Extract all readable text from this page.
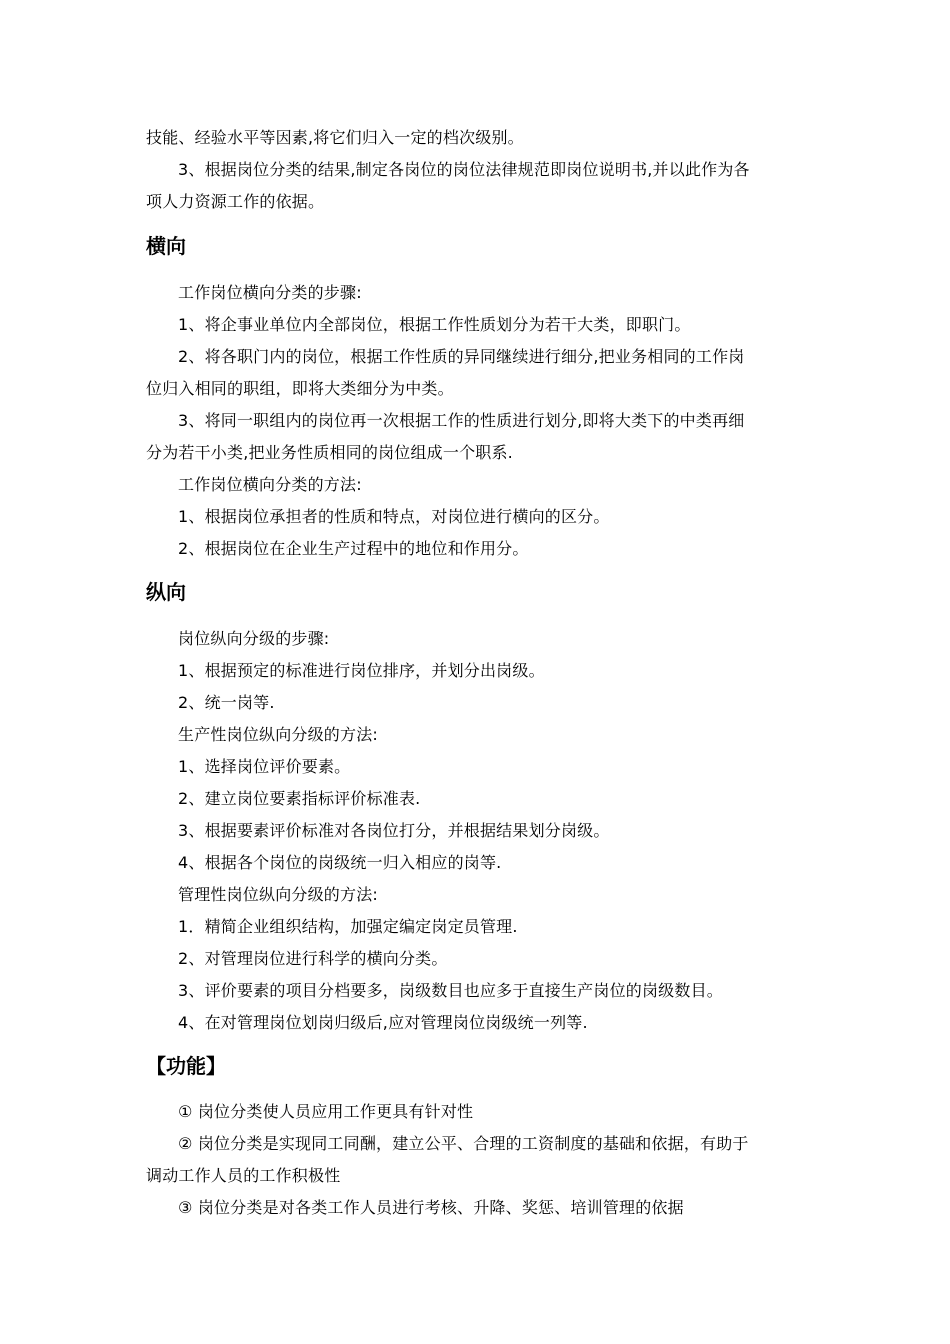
技能、经验水平等因素,将它们归入一定的档次级别。
3、根据岗位分类的结果,制定各岗位的岗位法律规范即岗位说明书,并以此作为各
项人力资源工作的依据。
横向
工作岗位横向分类的步骤:
1、将企事业单位内全部岗位，根据工作性质划分为若干大类，即职门。
2、将各职门内的岗位，根据工作性质的异同继续进行细分,把业务相同的工作岗
位归入相同的职组，即将大类细分为中类。
3、将同一职组内的岗位再一次根据工作的性质进行划分,即将大类下的中类再细
分为若干小类,把业务性质相同的岗位组成一个职系.
工作岗位横向分类的方法:
1、根据岗位承担者的性质和特点，对岗位进行横向的区分。
2、根据岗位在企业生产过程中的地位和作用分。
纵向
岗位纵向分级的步骤:
1、根据预定的标准进行岗位排序，并划分出岗级。
2、统一岗等.
生产性岗位纵向分级的方法:
1、选择岗位评价要素。
2、建立岗位要素指标评价标准表.
3、根据要素评价标准对各岗位打分，并根据结果划分岗级。
4、根据各个岗位的岗级统一归入相应的岗等.
管理性岗位纵向分级的方法:
1．精简企业组织结构，加强定编定岗定员管理.
2、对管理岗位进行科学的横向分类。
3、评价要素的项目分档要多，岗级数目也应多于直接生产岗位的岗级数目。
4、在对管理岗位划岗归级后,应对管理岗位岗级统一列等.
【功能】
① 岗位分类使人员应用工作更具有针对性
② 岗位分类是实现同工同酬，建立公平、合理的工资制度的基础和依据，有助于
调动工作人员的工作积极性
③ 岗位分类是对各类工作人员进行考核、升降、奖惩、培训管理的依据
